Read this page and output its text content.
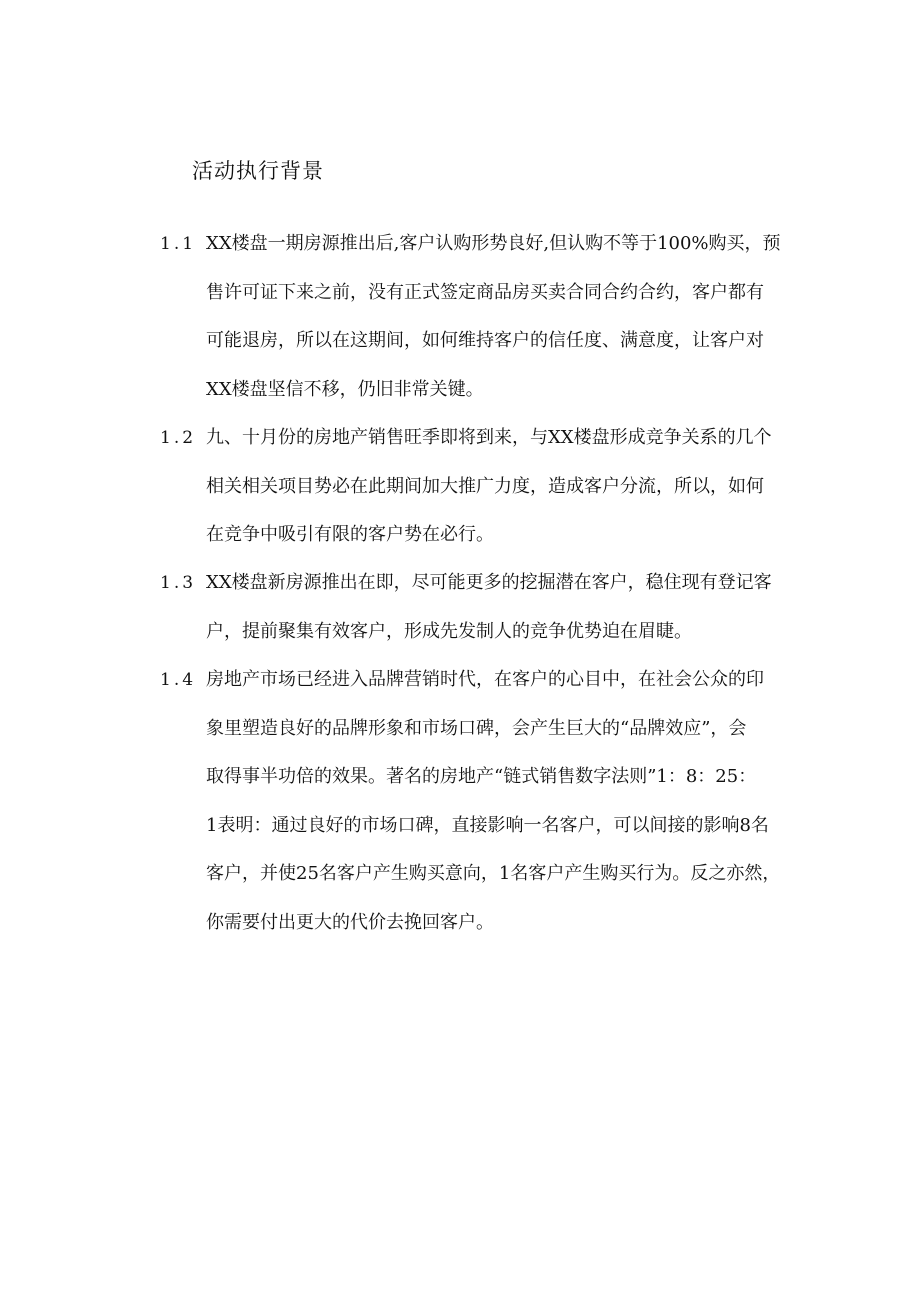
活动执行背景
1.1 XX楼盘一期房源推出后,客户认购形势良好,但认购不等于100%购买，预
售许可证下来之前，没有正式签定商品房买卖合同合约合约，客户都有
可能退房，所以在这期间，如何维持客户的信任度、满意度，让客户对
XX楼盘坚信不移，仍旧非常关键。
1.2 九、十月份的房地产销售旺季即将到来，与XX楼盘形成竞争关系的几个
相关相关项目势必在此期间加大推广力度，造成客户分流，所以，如何
在竞争中吸引有限的客户势在必行。
1.3 XX楼盘新房源推出在即，尽可能更多的挖掘潜在客户，稳住现有登记客
户，提前聚集有效客户，形成先发制人的竞争优势迫在眉睫。
1.4 房地产市场已经进入品牌营销时代，在客户的心目中，在社会公众的印
象里塑造良好的品牌形象和市场口碑，会产生巨大的“品牌效应”，会
取得事半功倍的效果。著名的房地产“链式销售数字法则”1：8：25：
1表明：通过良好的市场口碑，直接影响一名客户，可以间接的影响8名
客户，并使25名客户产生购买意向，1名客户产生购买行为。反之亦然，
你需要付出更大的代价去挽回客户。
